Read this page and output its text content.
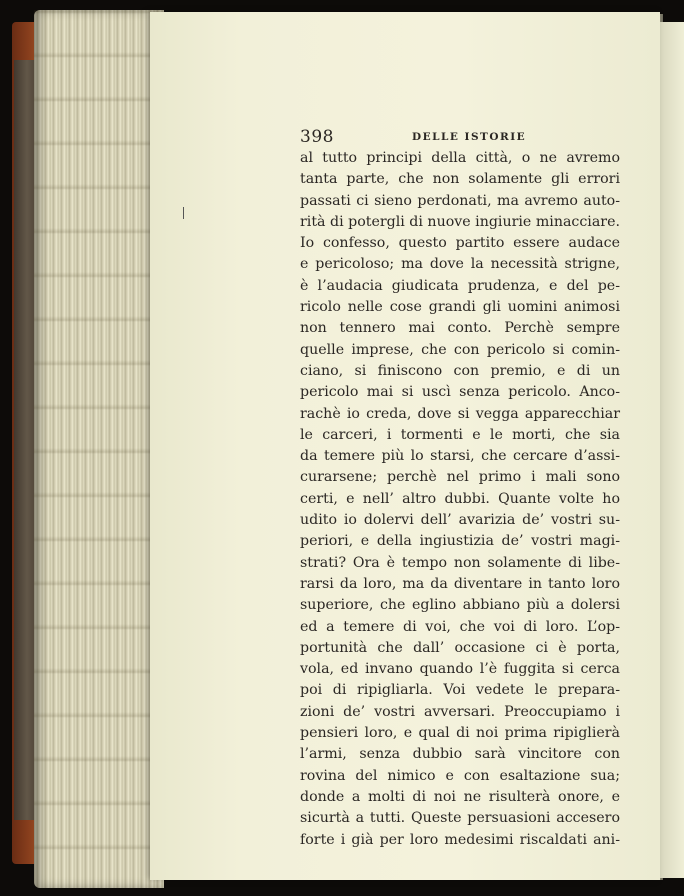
398	DELLE ISTORIE
al tutto principi della città, o ne avremo
tanta parte, che non solamente gli errori
passati ci sieno perdonati, ma avremo auto-
rità di potergli di nuove ingiurie minacciare.
Io confesso, questo partito essere audace
e pericoloso; ma dove la necessità strigne,
è l’audacia giudicata prudenza, e del pe-
ricolo nelle cose grandi gli uomini animosi
non tennero mai conto. Perchè sempre
quelle imprese, che con pericolo si comin-
ciano, si finiscono con premio, e di un
pericolo mai si uscì senza pericolo. Anco-
rachè io creda, dove si vegga apparecchiar
le carceri, i tormenti e le morti, che sia
da temere più lo starsi, che cercare d’assi-
curarsene; perchè nel primo i mali sono
certi, e nell’ altro dubbi. Quante volte ho
udito io dolervi dell’ avarizia de’ vostri su-
periori, e della ingiustizia de’ vostri magi-
strati? Ora è tempo non solamente di libe-
rarsi da loro, ma da diventare in tanto loro
superiore, che eglino abbiano più a dolersi
ed a temere di voi, che voi di loro. L’op-
portunità che dall’ occasione ci è porta,
vola, ed invano quando l’è fuggita si cerca
poi di ripigliarla. Voi vedete le prepara-
zioni de’ vostri avversari. Preoccupiamo i
pensieri loro, e qual di noi prima ripiglierà
l’armi, senza dubbio sarà vincitore con
rovina del nimico e con esaltazione sua;
donde a molti di noi ne risulterà onore, e
sicurtà a tutti. Queste persuasioni accesero
forte i già per loro medesimi riscaldati ani-
